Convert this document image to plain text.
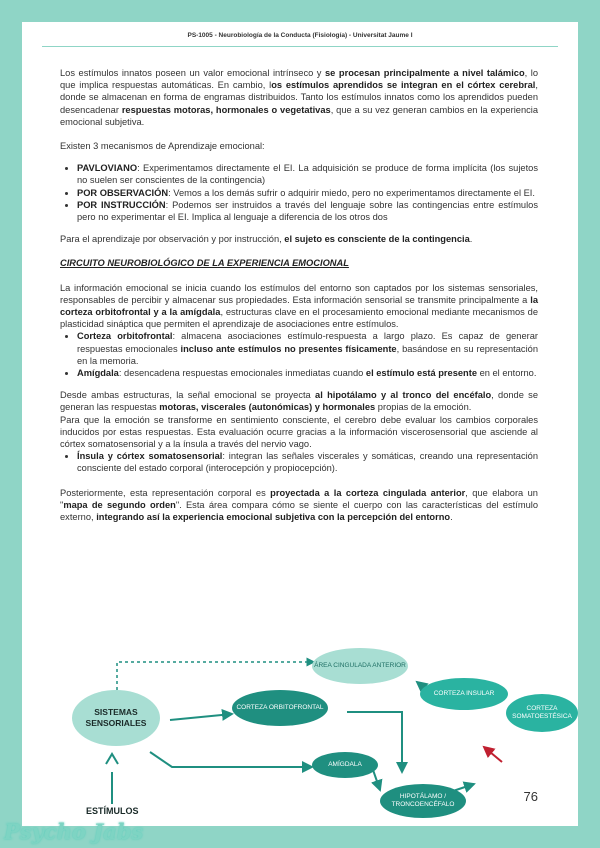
PS-1005 - Neurobiología de la Conducta (Fisiología) - Universitat Jaume I

Los estímulos innatos poseen un valor emocional intrínseco y se procesan principalmente a nivel talámico, lo que implica respuestas automáticas. En cambio, los estímulos aprendidos se integran en el córtex cerebral, donde se almacenan en forma de engramas distribuidos. Tanto los estímulos innatos como los aprendidos pueden desencadenar respuestas motoras, hormonales o vegetativas, que a su vez generan cambios en la experiencia emocional subjetiva.

Existen 3 mecanismos de Aprendizaje emocional:

• PAVLOVIANO: Experimentamos directamente el EI. La adquisición se produce de forma implícita (los sujetos no suelen ser conscientes de la contingencia)
• POR OBSERVACIÓN: Vemos a los demás sufrir o adquirir miedo, pero no experimentamos directamente el EI.
• POR INSTRUCCIÓN: Podemos ser instruidos a través del lenguaje sobre las contingencias entre estímulos pero no experimentar el EI. Implica al lenguaje a diferencia de los otros dos

Para el aprendizaje por observación y por instrucción, el sujeto es consciente de la contingencia.

CIRCUITO NEUROBIOLÓGICO DE LA EXPERIENCIA EMOCIONAL

La información emocional se inicia cuando los estímulos del entorno son captados por los sistemas sensoriales, responsables de percibir y almacenar sus propiedades. Esta información sensorial se transmite principalmente a la corteza orbitofrontal y a la amígdala, estructuras clave en el procesamiento emocional mediante mecanismos de plasticidad sináptica que permiten el aprendizaje de asociaciones entre estímulos.

• Corteza orbitofrontal: almacena asociaciones estímulo-respuesta a largo plazo. Es capaz de generar respuestas emocionales incluso ante estímulos no presentes físicamente, basándose en su representación en la memoria.
• Amígdala: desencadena respuestas emocionales inmediatas cuando el estímulo está presente en el entorno.

Desde ambas estructuras, la señal emocional se proyecta al hipotálamo y al tronco del encéfalo, donde se generan las respuestas motoras, viscerales (autonómicas) y hormonales propias de la emoción.

Para que la emoción se transforme en sentimiento consciente, el cerebro debe evaluar los cambios corporales inducidos por estas respuestas. Esta evaluación ocurre gracias a la información viscerosensorial que asciende al córtex somatosensorial y a la ínsula a través del nervio vago.

• Ínsula y córtex somatosensorial: integran las señales viscerales y somáticas, creando una representación consciente del estado corporal (interocepción y propiocepción).

Posteriormente, esta representación corporal es proyectada a la corteza cingulada anterior, que elabora un "mapa de segundo orden". Esta área compara cómo se siente el cuerpo con las características del estímulo externo, integrando así la experiencia emocional subjetiva con la percepción del entorno.

SISTEMAS SENSORIALES
ÁREA CINGULADA ANTERIOR
CORTEZA INSULAR
CORTEZA SOMATOESTÉSICA
CORTEZA ORBITOFRONTAL
AMÍGDALA
HIPOTÁLAMO / TRONCOENCÉFALO
VÍSCERAS
ESTÍMULOS
76
Psycho Jabs
